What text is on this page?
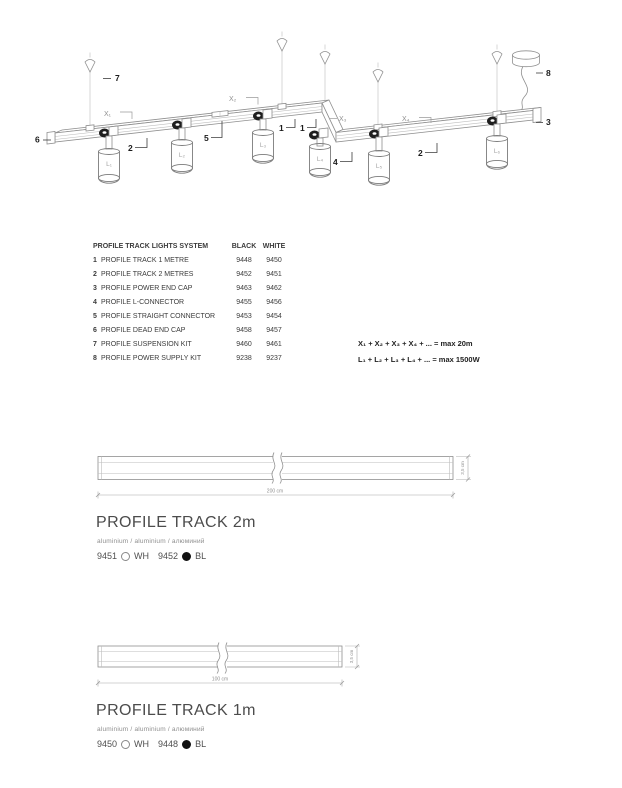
L₁
L₂
L₃
L₄
L₅
L₆
7
6
2
5
1 1
4
2
3
8
X₁
X₂
X₃	X₄
200 cm
3,5 cm
100 cm
3,5 cm
PROFILE TRACK LIGHTS SYSTEM	BLACK WHITE
1 PROFILE TRACK 1 METRE	9448	9450
2 PROFILE TRACK 2 METRES	9452	9451
3 PROFILE POWER END CAP	9463	9462
4 PROFILE L-CONNECTOR	9455	9456
5 PROFILE STRAIGHT CONNECTOR	9453	9454
6 PROFILE DEAD END CAP	9458	9457
7 PROFILE SUSPENSION KIT	9460	9461
8 PROFILE POWER SUPPLY KIT	9238	9237
X₁ + X₂ + X₃ + X₄ + ... = max 20m
L₁ + L₂ + L₃ + L₄ + ... = max 1500W
PROFILE TRACK 2m
aluminium / aluminium / алюминий
9451 WH 9452 BL
PROFILE TRACK 1m
aluminium / aluminium / алюминий
9450 WH 9448 BL
